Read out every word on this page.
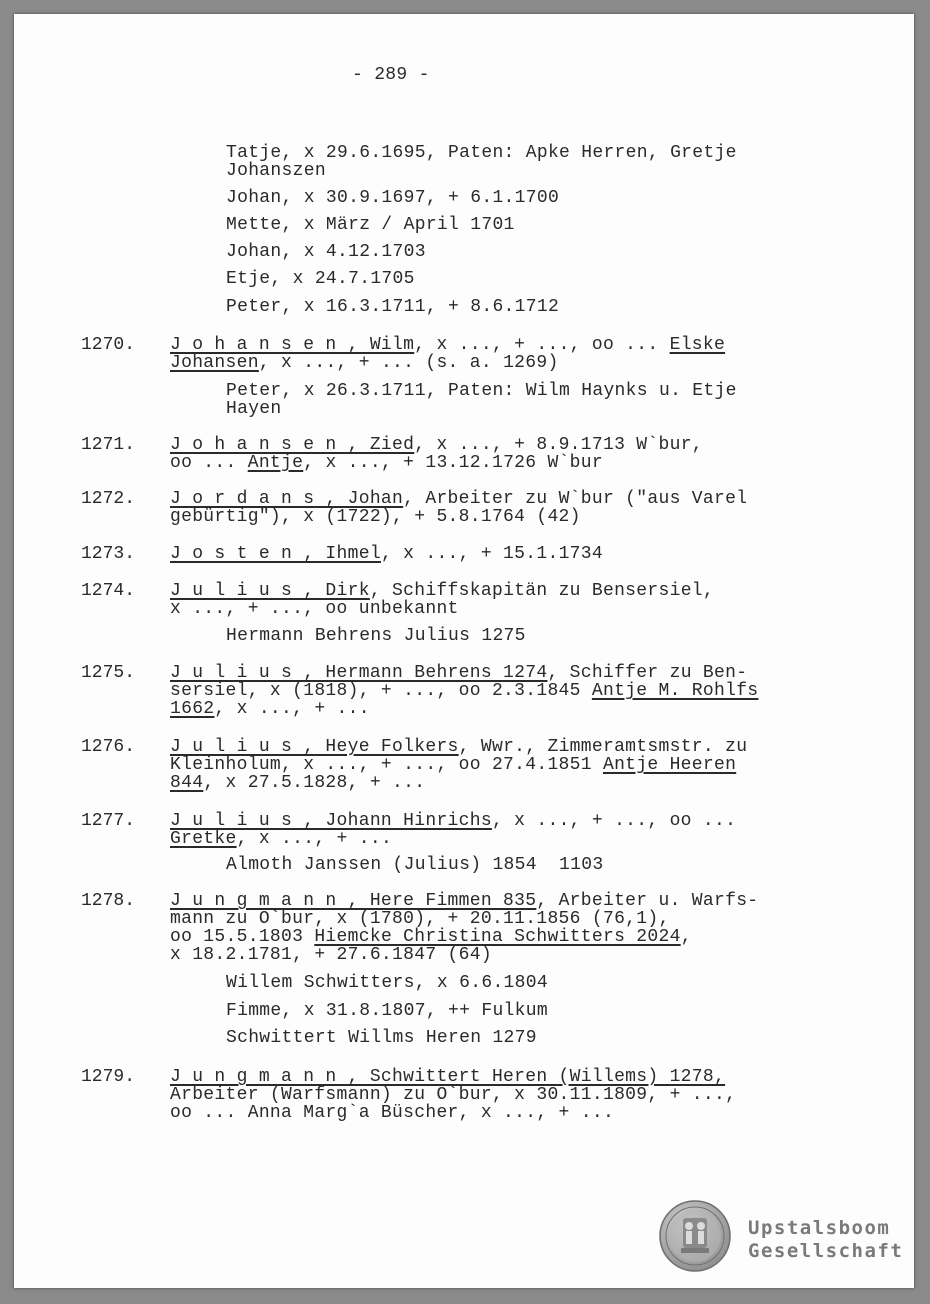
- 289 -
Tatje, x 29.6.1695, Paten: Apke Herren, Gretje
Johanszen
Johan, x 30.9.1697, + 6.1.1700
Mette, x März / April 1701
Johan, x 4.12.1703
Etje, x 24.7.1705
Peter, x 16.3.1711, + 8.6.1712
1270. J o h a n s e n , Wilm, x ..., + ..., oo ... Elske
Johansen, x ..., + ... (s. a. 1269)
Peter, x 26.3.1711, Paten: Wilm Haynks u. Etje
Hayen
1271. J o h a n s e n , Zied, x ..., + 8.9.1713 W`bur,
oo ... Antje, x ..., + 13.12.1726 W`bur
1272. J o r d a n s , Johan, Arbeiter zu W`bur ("aus Varel
gebürtig"), x (1722), + 5.8.1764 (42)
1273. J o s t e n , Ihmel, x ..., + 15.1.1734
1274. J u l i u s , Dirk, Schiffskapitän zu Bensersiel,
x ..., + ..., oo unbekannt
Hermann Behrens Julius 1275
1275. J u l i u s , Hermann Behrens 1274, Schiffer zu Ben-
sersiel, x (1818), + ..., oo 2.3.1845 Antje M. Rohlfs
1662, x ..., + ...
1276. J u l i u s , Heye Folkers, Wwr., Zimmeramtsmstr. zu
Kleinholum, x ..., + ..., oo 27.4.1851 Antje Heeren
844, x 27.5.1828, + ...
1277. J u l i u s , Johann Hinrichs, x ..., + ..., oo ...
Gretke, x ..., + ...
Almoth Janssen (Julius) 1854  1103
1278. J u n g m a n n , Here Fimmen 835, Arbeiter u. Warfs-
mann zu O`bur, x (1780), + 20.11.1856 (76,1),
oo 15.5.1803 Hiemcke Christina Schwitters 2024,
x 18.2.1781, + 27.6.1847 (64)
Willem Schwitters, x 6.6.1804
Fimme, x 31.8.1807, ++ Fulkum
Schwittert Willms Heren 1279
1279. J u n g m a n n , Schwittert Heren (Willems) 1278,
Arbeiter (Warfsmann) zu O`bur, x 30.11.1809, + ...,
oo ... Anna Marg`a Büscher, x ..., + ...
Upstalsboom
Gesellschaft
